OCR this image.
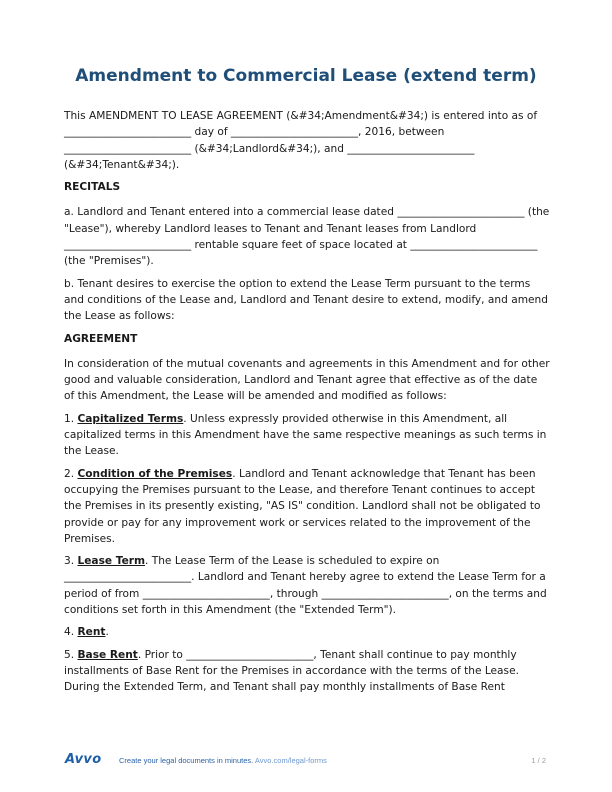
Amendment to Commercial Lease (extend term)

This AMENDMENT TO LEASE AGREEMENT (&#34;Amendment&#34;) is entered into as of ________________________ day of ________________________, 2016, between ________________________ (&#34;Landlord&#34;), and ________________________ (&#34;Tenant&#34;).

RECITALS

a. Landlord and Tenant entered into a commercial lease dated ________________________ (the "Lease"), whereby Landlord leases to Tenant and Tenant leases from Landlord ________________________ rentable square feet of space located at ________________________ (the "Premises").

b. Tenant desires to exercise the option to extend the Lease Term pursuant to the terms and conditions of the Lease and, Landlord and Tenant desire to extend, modify, and amend the Lease as follows:

AGREEMENT

In consideration of the mutual covenants and agreements in this Amendment and for other good and valuable consideration, Landlord and Tenant agree that effective as of the date of this Amendment, the Lease will be amended and modified as follows:

1. Capitalized Terms. Unless expressly provided otherwise in this Amendment, all capitalized terms in this Amendment have the same respective meanings as such terms in the Lease.

2. Condition of the Premises. Landlord and Tenant acknowledge that Tenant has been occupying the Premises pursuant to the Lease, and therefore Tenant continues to accept the Premises in its presently existing, "AS IS" condition. Landlord shall not be obligated to provide or pay for any improvement work or services related to the improvement of the Premises.

3. Lease Term. The Lease Term of the Lease is scheduled to expire on ________________________. Landlord and Tenant hereby agree to extend the Lease Term for a period of from ________________________, through ________________________, on the terms and conditions set forth in this Amendment (the "Extended Term").

4. Rent.

5. Base Rent. Prior to ________________________, Tenant shall continue to pay monthly installments of Base Rent for the Premises in accordance with the terms of the Lease. During the Extended Term, and Tenant shall pay monthly installments of Base Rent

Avvo Create your legal documents in minutes. Avvo.com/legal-forms	1 / 2
